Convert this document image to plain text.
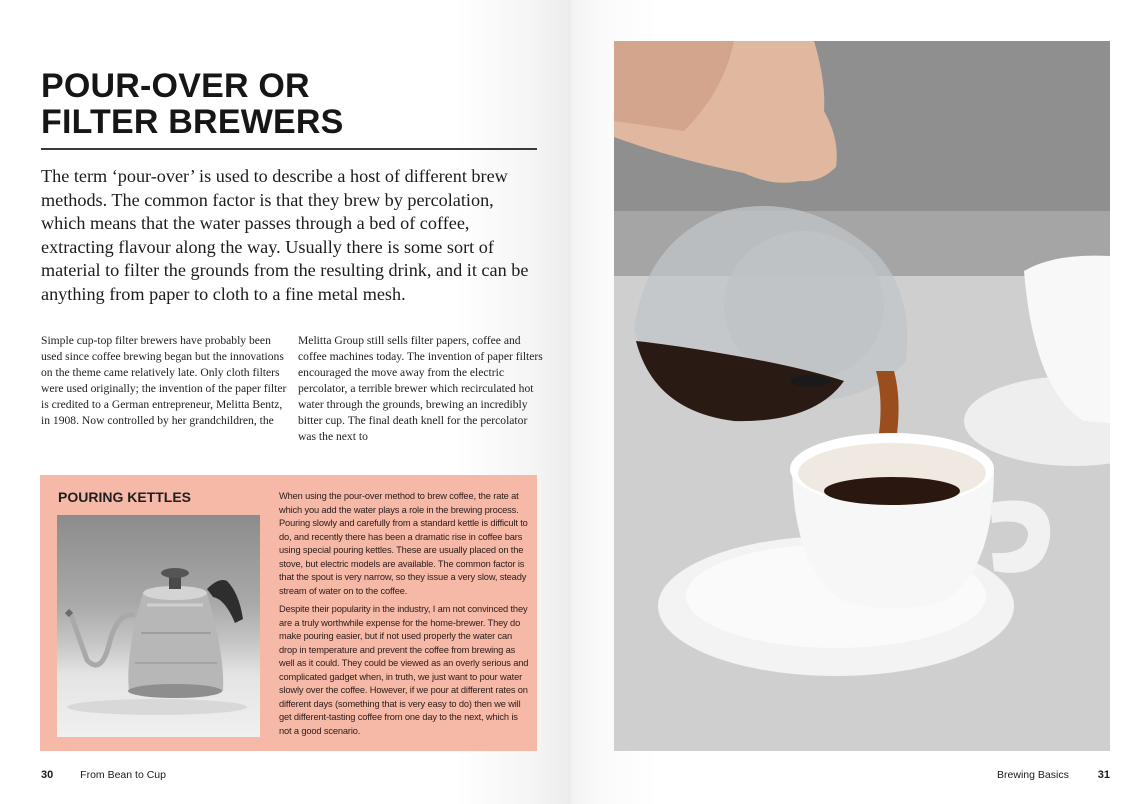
POUR-OVER OR
FILTER BREWERS

The term ‘pour-over’ is used to describe a host of different brew methods. The common factor is that they brew by percolation, which means that the water passes through a bed of coffee, extracting flavour along the way. Usually there is some sort of material to filter the grounds from the resulting drink, and it can be anything from paper to cloth to a fine metal mesh.

Simple cup-top filter brewers have probably been used since coffee brewing began but the innovations on the theme came relatively late. Only cloth filters were used originally; the invention of the paper filter is credited to a German entrepreneur, Melitta Bentz, in 1908. Now controlled by her grandchildren, the

Melitta Group still sells filter papers, coffee and coffee machines today. The invention of paper filters encouraged the move away from the electric percolator, a terrible brewer which recirculated hot water through the grounds, brewing an incredibly bitter cup. The final death knell for the percolator was the next to

POURING KETTLES	When using the pour-over method to brew coffee, the rate at which you add the water plays a role in the brewing process. Pouring slowly and carefully from a standard kettle is difficult to do, and recently there has been a dramatic rise in coffee bars using special pouring kettles. These are usually placed on the stove, but electric models are available. The common factor is that the spout is very narrow, so they issue a very slow, steady stream of water on to the coffee.

Despite their popularity in the industry, I am not convinced they are a truly worthwhile expense for the home-brewer. They do make pouring easier, but if not used properly the water can drop in temperature and prevent the coffee from brewing as well as it could. They could be viewed as an overly serious and complicated gadget when, in truth, we just want to pour water slowly over the coffee. However, if we pour at different rates on different days (something that is very easy to do) then we will get different-tasting coffee from one day to the next, which is not a good scenario.

30	From Bean to Cup	Brewing Basics	31
